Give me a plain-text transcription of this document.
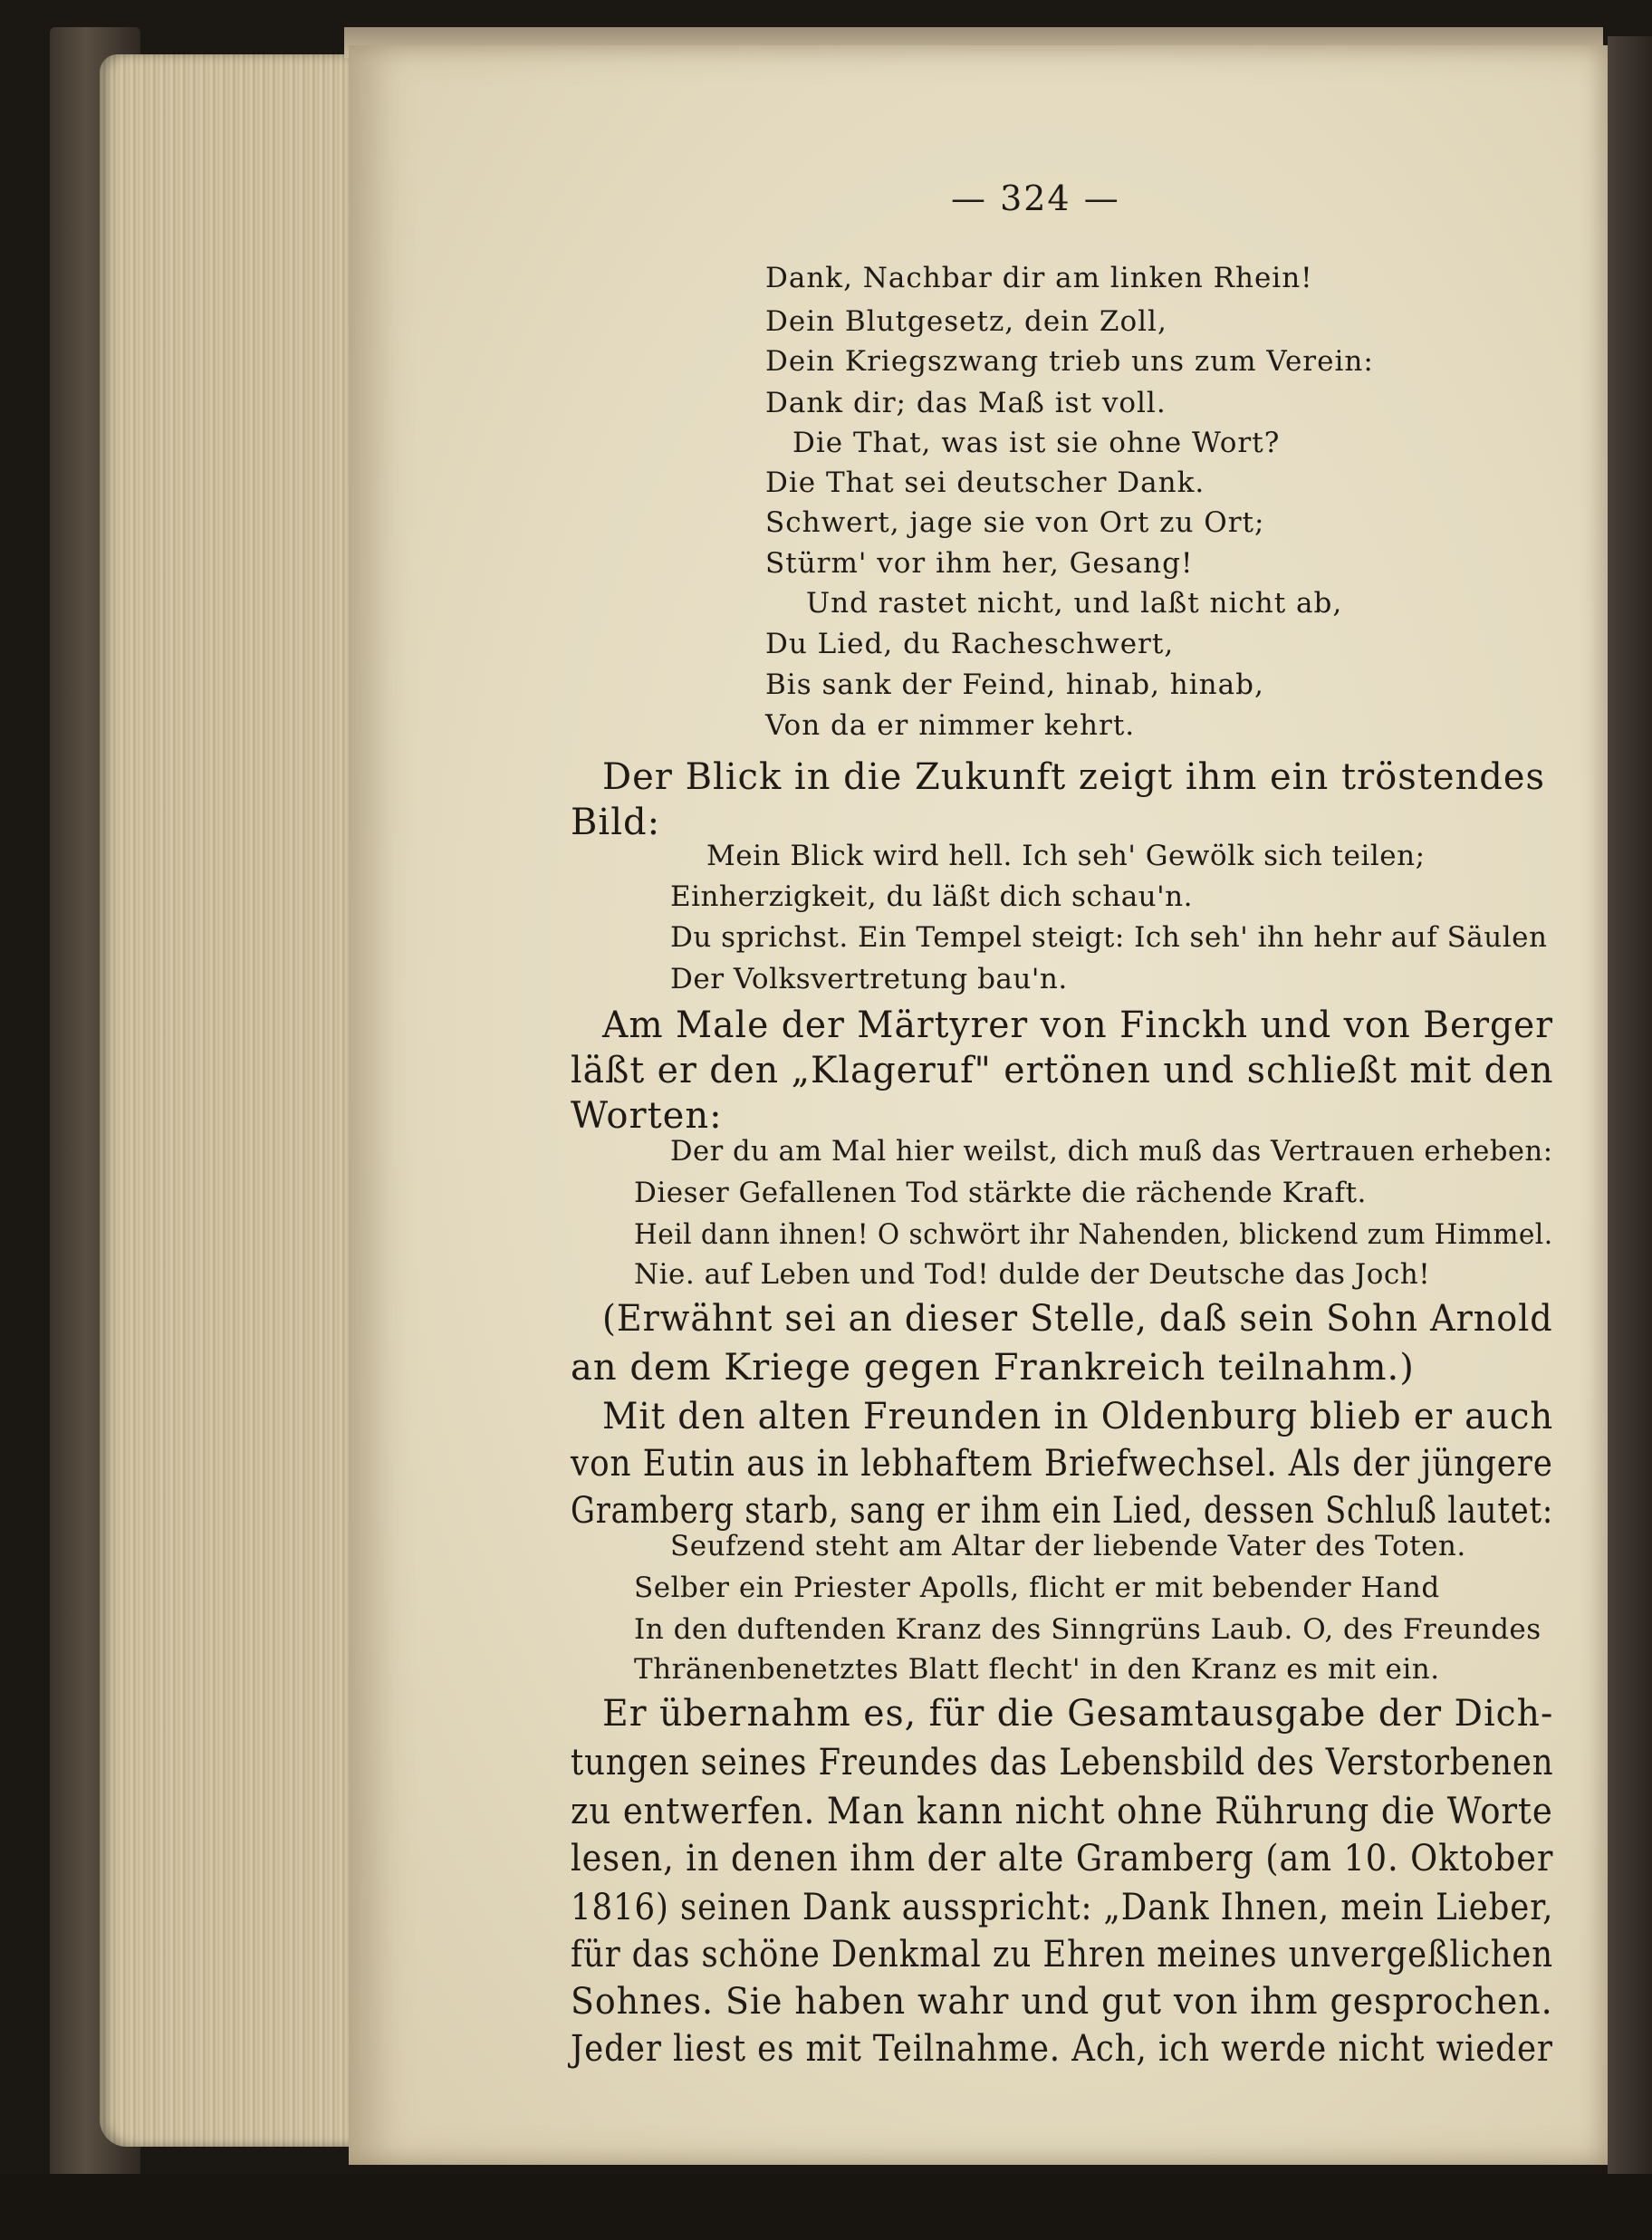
— 324 —
Dank, Nachbar dir am linken Rhein!
Dein Blutgesetz, dein Zoll,
Dein Kriegszwang trieb uns zum Verein:
Dank dir; das Maß ist voll.
Die That, was ist sie ohne Wort?
Die That sei deutscher Dank.
Schwert, jage sie von Ort zu Ort;
Stürm' vor ihm her, Gesang!
Und rastet nicht, und laßt nicht ab,
Du Lied, du Racheschwert,
Bis sank der Feind, hinab, hinab,
Von da er nimmer kehrt.
Der Blick in die Zukunft zeigt ihm ein tröstendes
Bild:
Mein Blick wird hell. Ich seh' Gewölk sich teilen;
Einherzigkeit, du läßt dich schau'n.
Du sprichst. Ein Tempel steigt: Ich seh' ihn hehr auf Säulen
Der Volksvertretung bau'n.
Am Male der Märtyrer von Finckh und von Berger
läßt er den „Klageruf" ertönen und schließt mit den
Worten:
Der du am Mal hier weilst, dich muß das Vertrauen erheben:
Dieser Gefallenen Tod stärkte die rächende Kraft.
Heil dann ihnen! O schwört ihr Nahenden, blickend zum Himmel.
Nie. auf Leben und Tod! dulde der Deutsche das Joch!
(Erwähnt sei an dieser Stelle, daß sein Sohn Arnold
an dem Kriege gegen Frankreich teilnahm.)
Mit den alten Freunden in Oldenburg blieb er auch
von Eutin aus in lebhaftem Briefwechsel. Als der jüngere
Gramberg starb, sang er ihm ein Lied, dessen Schluß lautet:
Seufzend steht am Altar der liebende Vater des Toten.
Selber ein Priester Apolls, flicht er mit bebender Hand
In den duftenden Kranz des Sinngrüns Laub. O, des Freundes
Thränenbenetztes Blatt flecht' in den Kranz es mit ein.
Er übernahm es, für die Gesamtausgabe der Dich-
tungen seines Freundes das Lebensbild des Verstorbenen
zu entwerfen. Man kann nicht ohne Rührung die Worte
lesen, in denen ihm der alte Gramberg (am 10. Oktober
1816) seinen Dank ausspricht: „Dank Ihnen, mein Lieber,
für das schöne Denkmal zu Ehren meines unvergeßlichen
Sohnes. Sie haben wahr und gut von ihm gesprochen.
Jeder liest es mit Teilnahme. Ach, ich werde nicht wieder
